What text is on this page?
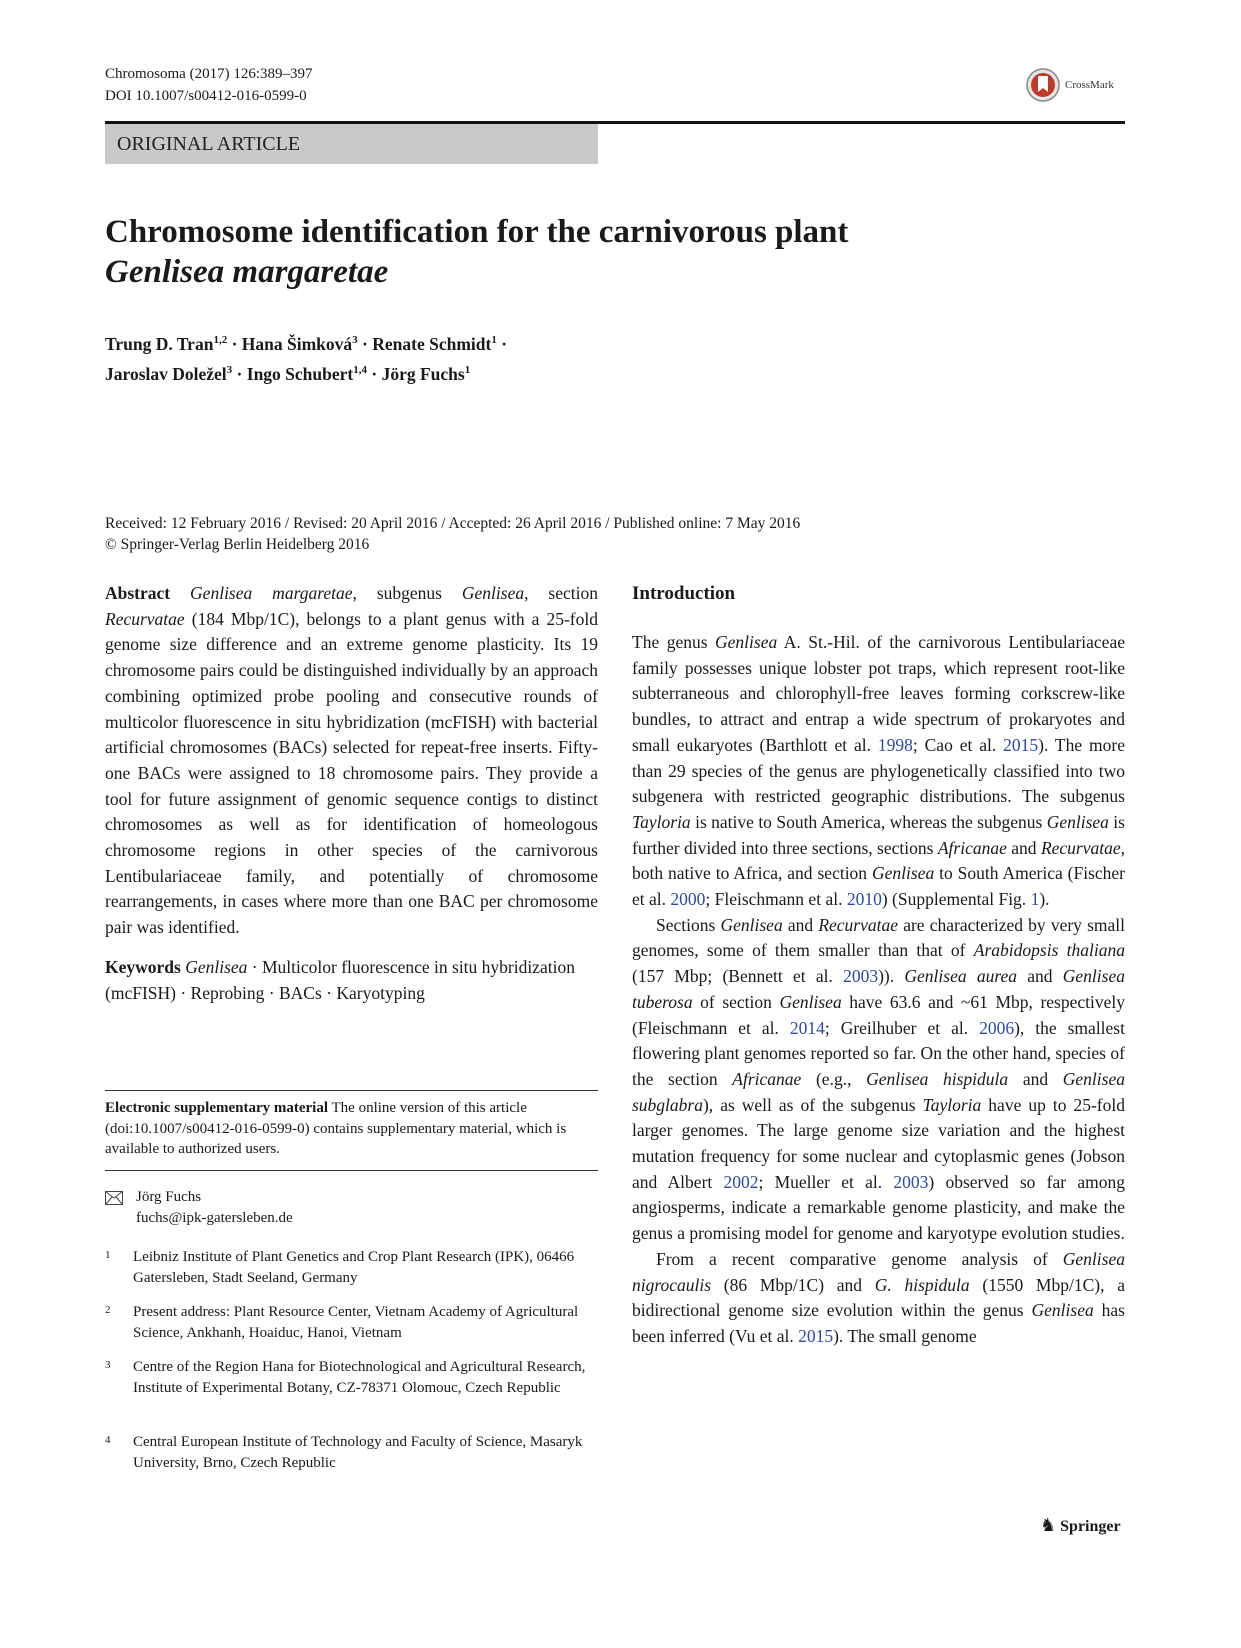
Chromosoma (2017) 126:389–397
DOI 10.1007/s00412-016-0599-0
CrossMark
ORIGINAL ARTICLE
Chromosome identification for the carnivorous plant
Genlisea margaretae
Trung D. Tran$^{1,2}$ · Hana Šimková$^3$ · Renate Schmidt$^1$ ·
Jaroslav Doležel$^3$ · Ingo Schubert$^{1,4}$ · Jörg Fuchs$^1$
Received: 12 February 2016 / Revised: 20 April 2016 / Accepted: 26 April 2016 / Published online: 7 May 2016
© Springer-Verlag Berlin Heidelberg 2016

Abstract Genlisea margaretae, subgenus Genlisea, section Recurvatae (184 Mbp/1C), belongs to a plant genus with a 25-fold genome size difference and an extreme genome plasticity. Its 19 chromosome pairs could be distinguished individually by an approach combining optimized probe pooling and consecutive rounds of multicolor fluorescence in situ hybridization (mcFISH) with bacterial artificial chromosomes (BACs) selected for repeat-free inserts. Fifty-one BACs were assigned to 18 chromosome pairs. They provide a tool for future assignment of genomic sequence contigs to distinct chromosomes as well as for identification of homeologous chromosome regions in other species of the carnivorous Lentibulariaceae family, and potentially of chromosome rearrangements, in cases where more than one BAC per chromosome pair was identified.

Keywords Genlisea · Multicolor fluorescence in situ hybridization (mcFISH) · Reprobing · BACs · Karyotyping

Electronic supplementary material The online version of this article (doi:10.1007/s00412-016-0599-0) contains supplementary material, which is available to authorized users.
Jörg Fuchs
fuchs@ipk-gatersleben.de
1 Leibniz Institute of Plant Genetics and Crop Plant Research (IPK), 06466 Gatersleben, Stadt Seeland, Germany
2 Present address: Plant Resource Center, Vietnam Academy of Agricultural Science, Ankhanh, Hoaiduc, Hanoi, Vietnam
3 Centre of the Region Hana for Biotechnological and Agricultural Research, Institute of Experimental Botany, CZ-78371 Olomouc, Czech Republic
4 Central European Institute of Technology and Faculty of Science, Masaryk University, Brno, Czech Republic
Introduction

The genus Genlisea A. St.-Hil. of the carnivorous Lentibulariaceae family possesses unique lobster pot traps, which represent root-like subterraneous and chlorophyll-free leaves forming corkscrew-like bundles, to attract and entrap a wide spectrum of prokaryotes and small eukaryotes (Barthlott et al. 1998; Cao et al. 2015). The more than 29 species of the genus are phylogenetically classified into two subgenera with restricted geographic distributions. The subgenus Tayloria is native to South America, whereas the subgenus Genlisea is further divided into three sections, sections Africanae and Recurvatae, both native to Africa, and section Genlisea to South America (Fischer et al. 2000; Fleischmann et al. 2010) (Supplemental Fig. 1).

Sections Genlisea and Recurvatae are characterized by very small genomes, some of them smaller than that of Arabidopsis thaliana (157 Mbp; (Bennett et al. 2003)). Genlisea aurea and Genlisea tuberosa of section Genlisea have 63.6 and ~61 Mbp, respectively (Fleischmann et al. 2014; Greilhuber et al. 2006), the smallest flowering plant genomes reported so far. On the other hand, species of the section Africanae (e.g., Genlisea hispidula and Genlisea subglabra), as well as of the subgenus Tayloria have up to 25-fold larger genomes. The large genome size variation and the highest mutation frequency for some nuclear and cytoplasmic genes (Jobson and Albert 2002; Mueller et al. 2003) observed so far among angiosperms, indicate a remarkable genome plasticity, and make the genus a promising model for genome and karyotype evolution studies.

From a recent comparative genome analysis of Genlisea nigrocaulis (86 Mbp/1C) and G. hispidula (1550 Mbp/1C), a bidirectional genome size evolution within the genus Genlisea has been inferred (Vu et al. 2015). The small genome

♞ Springer
